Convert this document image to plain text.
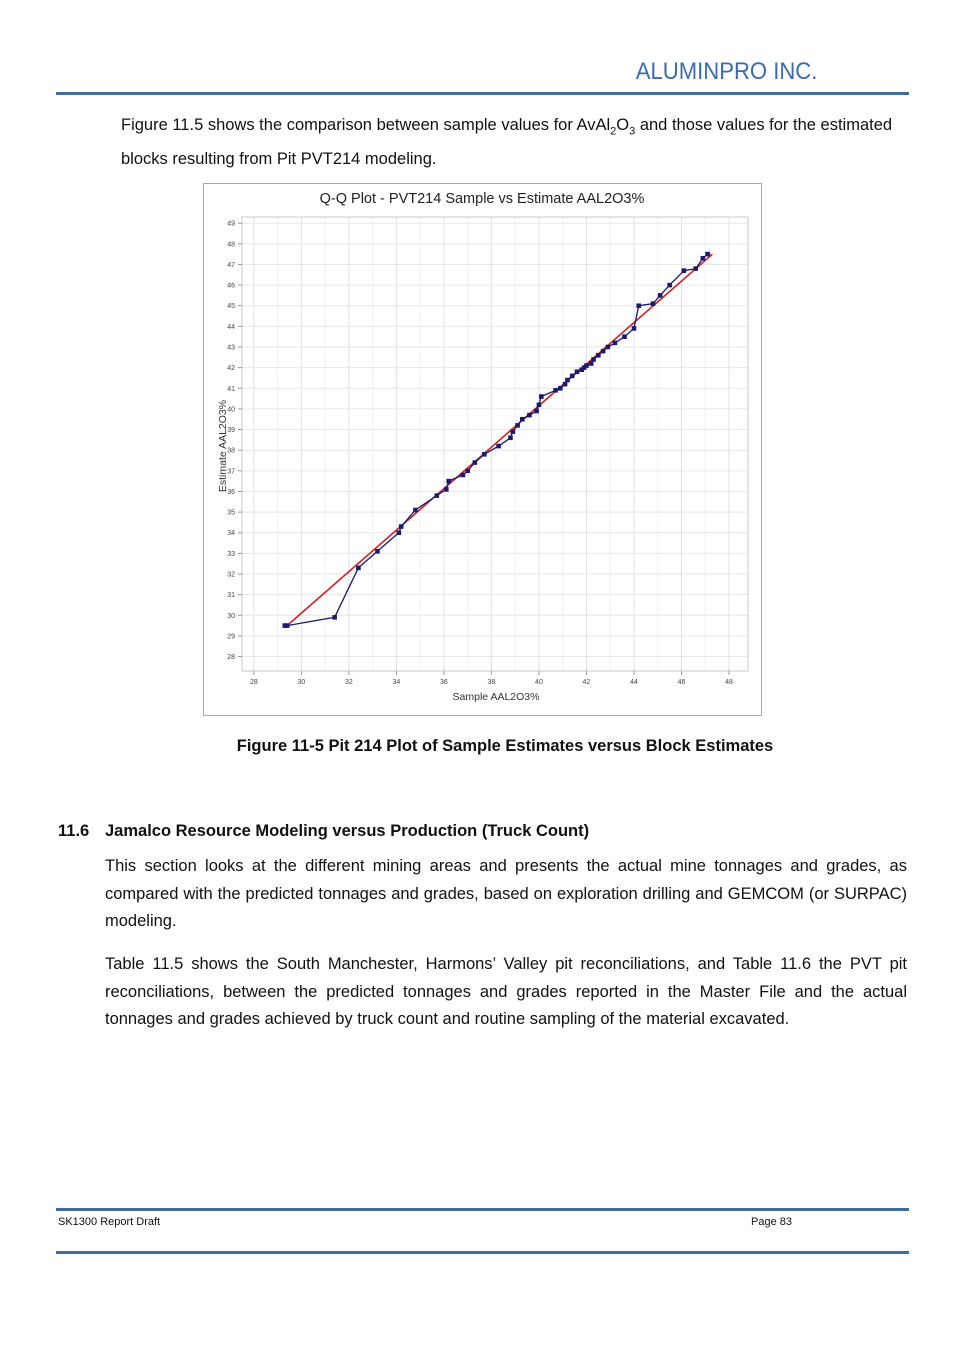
ALUMINPRO INC.
Figure 11.5 shows the comparison between sample values for $AvAl_2O_3$ and those values for the estimated blocks resulting from Pit PVT214 modeling.
Q-Q Plot - PVT214 Sample vs Estimate AAL2O3%
28	30	32	34	36	38	40	42	44	46	48
28
29
30
31
32
33
34
35
36
37
38
39
40
41
42
43
44
45
46
47
48
49
Sample AAL2O3%
Estimate AAL2O3%
Figure 11-5 Pit 214 Plot of Sample Estimates versus Block Estimates
11.6 Jamalco Resource Modeling versus Production (Truck Count)
This section looks at the different mining areas and presents the actual mine tonnages and grades, as compared with the predicted tonnages and grades, based on exploration drilling and GEMCOM (or SURPAC) modeling.
Table 11.5 shows the South Manchester, Harmons’ Valley pit reconciliations, and Table 11.6 the PVT pit reconciliations, between the predicted tonnages and grades reported in the Master File and the actual tonnages and grades achieved by truck count and routine sampling of the material excavated.
SK1300 Report Draft	Page 83
